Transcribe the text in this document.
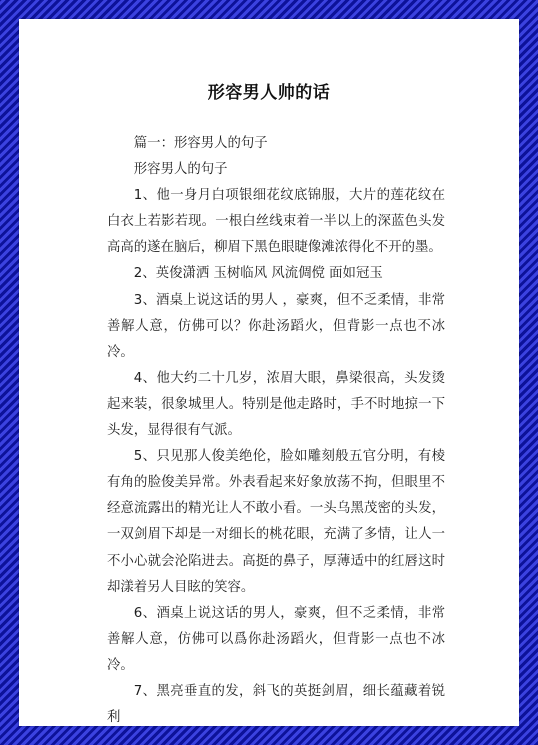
形容男人帅的话

篇一：形容男人的句子

形容男人的句子

1、他一身月白项银细花纹底锦服，大片的莲花纹在白衣上若影若现。一根白丝线束着一半以上的深蓝色头发高高的遂在脑后，柳眉下黑色眼睫像滩浓得化不开的墨。

2、英俊潇洒 玉树临风 风流倜傥 面如冠玉

3、酒桌上说这话的男人 ，豪爽，但不乏柔情，非常善解人意，仿佛可以？你赴汤蹈火，但背影一点也不冰冷。

4、他大约二十几岁，浓眉大眼，鼻梁很高，头发烫起来装，很象城里人。特别是他走路时，手不时地掠一下头发，显得很有气派。

5、只见那人俊美绝伦，脸如雕刻般五官分明，有棱有角的脸俊美异常。外表看起来好象放荡不拘，但眼里不经意流露出的精光让人不敢小看。一头乌黑茂密的头发，一双剑眉下却是一对细长的桃花眼，充满了多情，让人一不小心就会沦陷进去。高挺的鼻子，厚薄适中的红唇这时却漾着另人目眩的笑容。

6、酒桌上说这话的男人，豪爽，但不乏柔情，非常善解人意，仿佛可以爲你赴汤蹈火，但背影一点也不冰冷。

7、黑亮垂直的发，斜飞的英挺剑眉，细长蕴藏着锐利
